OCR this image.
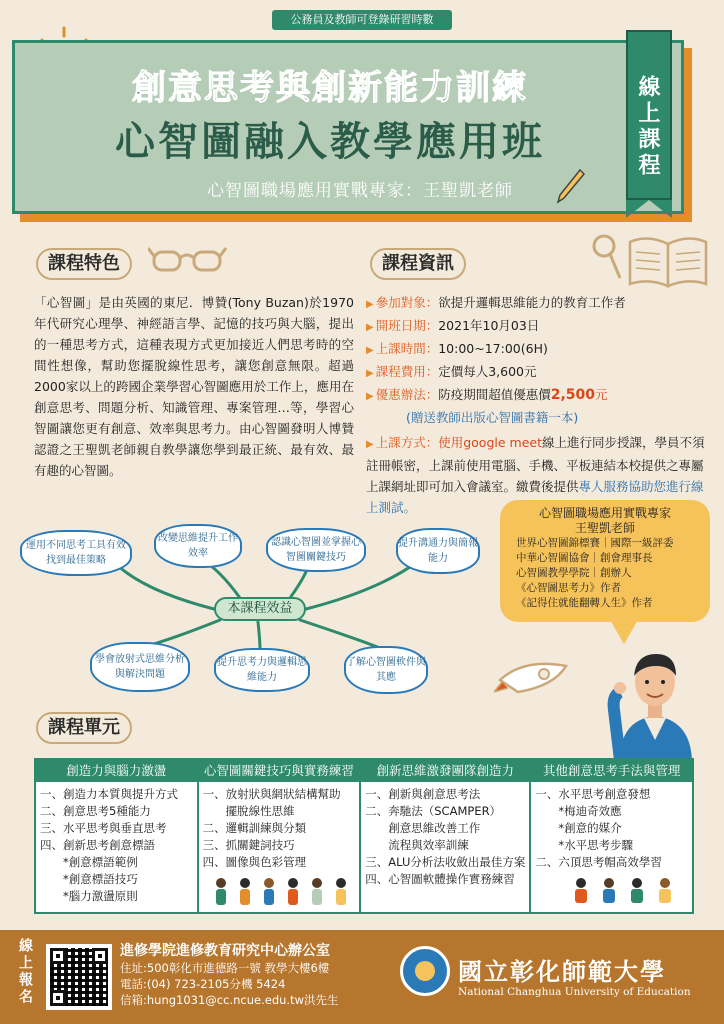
公務員及教師可登錄研習時數
創意思考與創新能力訓練
心智圖融入教學應用班
心智圖職場應用實戰專家：王聖凱老師
線上課程
課程特色	課程資訊
「心智圖」是由英國的東尼．博贊(Tony Buzan)於1970年代研究心理學、神經語言學、記憶的技巧與大腦，提出的一種思考方式，這種表現方式更加接近人們思考時的空間性想像，幫助您擺脫線性思考，讓您創意無限。超過2000家以上的跨國企業學習心智圖應用於工作上，應用在創意思考、問題分析、知識管理、專案管理…等，學習心智圖讓您更有創意、效率與思考力。由心智圖發明人博贊認證之王聖凱老師親自教學讓您學到最正統、最有效、最有趣的心智圖。
▶ 參加對象： 欲提升邏輯思維能力的教育工作者
▶ 開班日期： 2021年10月03日
▶ 上課時間： 10:00~17:00(6H)
▶ 課程費用： 定價每人3,600元
▶ 優惠辦法： 防疫期間超值優惠價2,500元
(贈送教師出版心智圖書籍一本)
▶ 上課方式：使用google meet線上進行同步授課，學員不須註冊帳密，上課前使用電腦、手機、平板連結本校提供之專屬上課網址即可加入會議室。繳費後提供專人服務協助您進行線上測試。
運用不同思考工具有效找到最佳策略
改變思維提升工作效率
認識心智圖並掌握心智圖關鍵技巧
提升溝通力與簡報能力
學會放射式思維分析與解決問題
提升思考力與邏輯思維能力
了解心智圖軟件與其應
本課程效益
心智圖職場應用實戰專家
王聖凱老師
世界心智圖錦標賽｜國際一級評委
中華心智圖協會｜創會理事長
心智圖教學學院｜創辦人
《心智圖思考力》作者
《記得住就能翻轉人生》作者
課程單元
創造力與腦力激盪
一、創造力本質與提升方式
二、創意思考5種能力
三、水平思考與垂直思考
四、創新思考創意標語
　　*創意標語範例
　　*創意標語技巧
　　*腦力激盪原則
心智圖關鍵技巧與實務練習
一、放射狀與網狀結構幫助
　　擺脫線性思維
二、邏輯訓練與分類
三、抓關鍵詞技巧
四、圖像與色彩管理
創新思維激發團隊創造力
一、創新與創意思考法
二、奔馳法（SCAMPER）
　　創意思維改善工作
　　流程與效率訓練
三、ALU分析法收斂出最佳方案
四、心智圖軟體操作實務練習
其他創意思考手法與管理
一、水平思考創意發想
　　*梅迪奇效應
　　*創意的媒介
　　*水平思考步驟
二、六頂思考帽高效學習
線上報名	進修學院進修教育研究中心辦公室
住址:500彰化市進德路一號 教學大樓6樓
電話:(04) 723-2105分機 5424
信箱:hung1031@cc.ncue.edu.tw洪先生
國立彰化師範大學
National Changhua University of Education
